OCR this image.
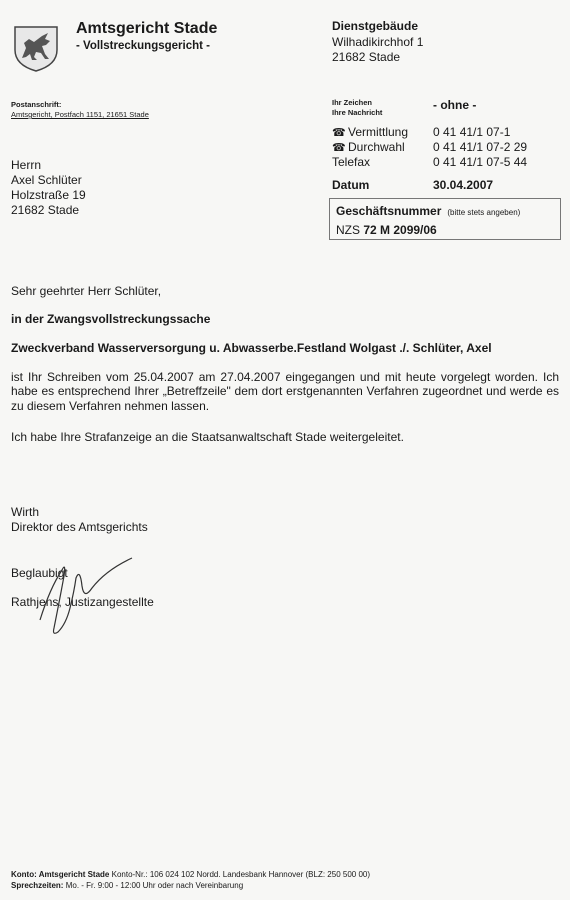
Amtsgericht Stade
- Vollstreckungsgericht -
Dienstgebäude
Wilhadikirchhof 1
21682 Stade
Postanschrift:
Amtsgericht, Postfach 1151, 21651 Stade
Ihr Zeichen
Ihre Nachricht
- ohne -
☎ Vermittlung 0 41 41/1 07-1
☎ Durchwahl 0 41 41/1 07-2 29
Telefax	0 41 41/1 07-5 44
Datum	30.04.2007
Geschäftsnummer (bitte stets angeben)
NZS 72 M 2099/06
Herrn
Axel Schlüter
Holzstraße 19
21682 Stade
Sehr geehrter Herr Schlüter,
in der Zwangsvollstreckungssache
Zweckverband Wasserversorgung u. Abwasserbe.Festland Wolgast ./. Schlüter, Axel
ist Ihr Schreiben vom 25.04.2007 am 27.04.2007 eingegangen und mit heute vorgelegt worden. Ich habe es entsprechend Ihrer „Betreffzeile" dem dort erstgenannten Verfahren zugeordnet und werde es zu diesem Verfahren nehmen lassen.
Ich habe Ihre Strafanzeige an die Staatsanwaltschaft Stade weitergeleitet.
Wirth
Direktor des Amtsgerichts
Beglaubigt
Rathjens, Justizangestellte
Konto: Amtsgericht Stade Konto-Nr.: 106 024 102 Nordd. Landesbank Hannover (BLZ: 250 500 00)
Sprechzeiten: Mo. - Fr. 9:00 - 12:00 Uhr oder nach Vereinbarung
